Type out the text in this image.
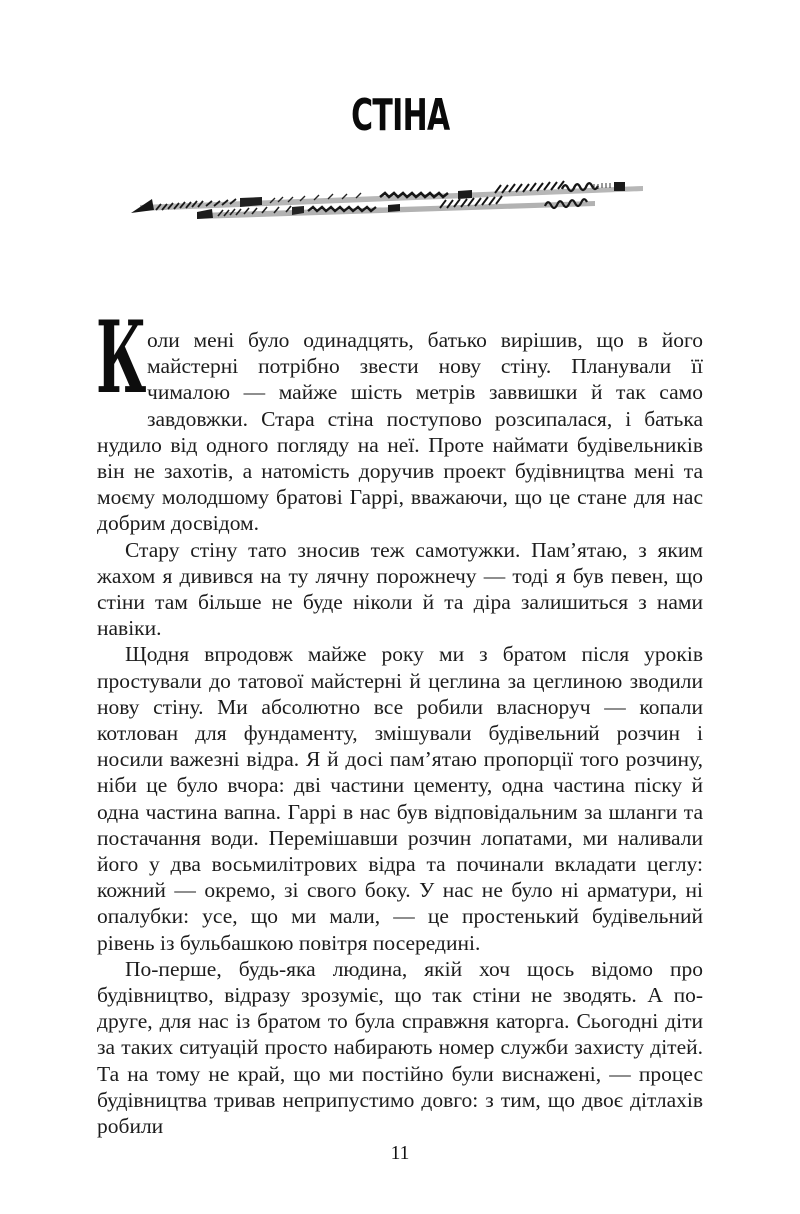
СТІНА

К оли мені було одинадцять, батько вирішив, що в його майстерні потрібно звести нову стіну. Планували її чималою — майже шість метрів заввишки й так само завдовжки. Стара стіна поступово розсипалася, і батька нудило від одного погляду на неї. Проте наймати будівельників він не захотів, а натомість доручив проект будівництва мені та моєму молодшому братові Гаррі, вважаючи, що це стане для нас добрим досвідом.

Стару стіну тато зносив теж самотужки. Пам’ятаю, з яким жахом я дивився на ту лячну порожнечу — тоді я був певен, що стіни там більше не буде ніколи й та діра залишиться з нами навіки.

Щодня впродовж майже року ми з братом після уроків простували до татової майстерні й цеглина за цеглиною зводили нову стіну. Ми абсолютно все робили власноруч — копали котлован для фундаменту, змішували будівельний розчин і носили важезні відра. Я й досі пам’ятаю пропорції того розчину, ніби це було вчора: дві частини цементу, одна частина піску й одна частина вапна. Гаррі в нас був відповідальним за шланги та постачання води. Перемішавши розчин лопатами, ми наливали його у два восьмилітрових відра та починали вкладати цеглу: кожний — окремо, зі свого боку. У нас не було ні арматури, ні опалубки: усе, що ми мали, — це простенький будівельний рівень із бульбашкою повітря посередині.

По-перше, будь-яка людина, якій хоч щось відомо про будівництво, відразу зрозуміє, що так стіни не зводять. А по-друге, для нас із братом то була справжня каторга. Сьогодні діти за таких ситуацій просто набирають номер служби захисту дітей. Та на тому не край, що ми постійно були виснажені, — процес будівництва тривав неприпустимо довго: з тим, що двоє дітлахів робили

11
